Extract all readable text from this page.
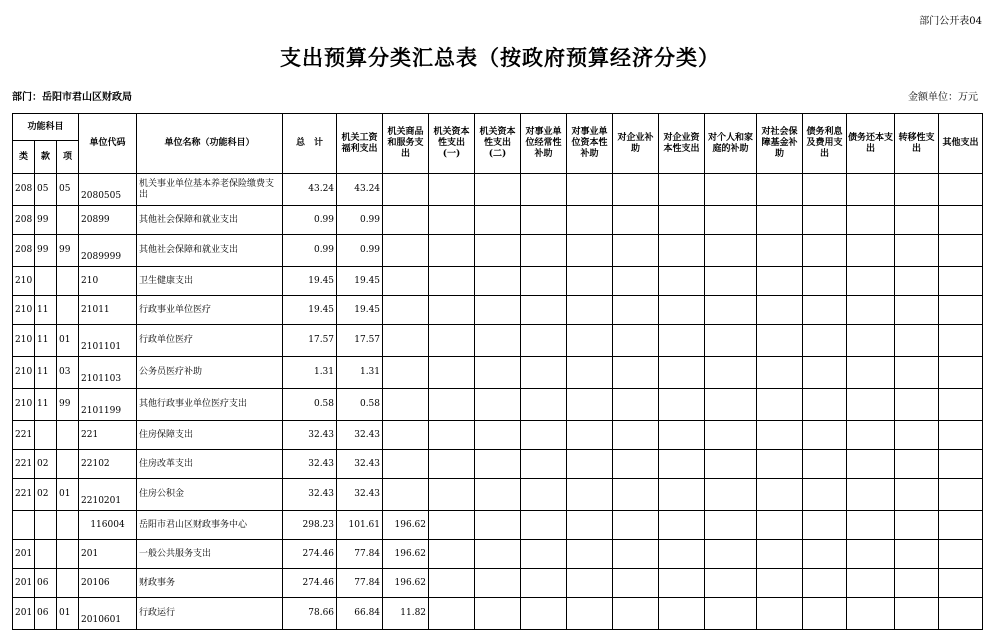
部门公开表04
支出预算分类汇总表（按政府预算经济分类）
部门：岳阳市君山区财政局	金额单位：万元
功能科目			单位代码	单位名称（功能科目）	总　计	机关工资福利支出	机关商品和服务支出	机关资本性支出(一)	机关资本性支出(二)	对事业单位经常性补助	对事业单位资本性补助	对企业补助	对企业资本性支出	对个人和家庭的补助	对社会保障基金补助	债务利息及费用支出	债务还本支出	转移性支出	其他支出
类	款	项																	
208	05	05	2080505	机关事业单位基本养老保险缴费支出	43.24	43.24													
208	99		20899	其他社会保障和就业支出	0.99	0.99													
208	99	99	2089999	其他社会保障和就业支出	0.99	0.99													
210			210	卫生健康支出	19.45	19.45													
210	11		21011	行政事业单位医疗	19.45	19.45													
210	11	01	2101101	行政单位医疗	17.57	17.57													
210	11	03	2101103	公务员医疗补助	1.31	1.31													
210	11	99	2101199	其他行政事业单位医疗支出	0.58	0.58													
221			221	住房保障支出	32.43	32.43													
221	02		22102	住房改革支出	32.43	32.43													
221	02	01	2210201	住房公积金	32.43	32.43													
			116004	岳阳市君山区财政事务中心	298.23	101.61	196.62												
201			201	一般公共服务支出	274.46	77.84	196.62												
201	06		20106	财政事务	274.46	77.84	196.62												
201	06	01	2010601	行政运行	78.66	66.84	11.82												
